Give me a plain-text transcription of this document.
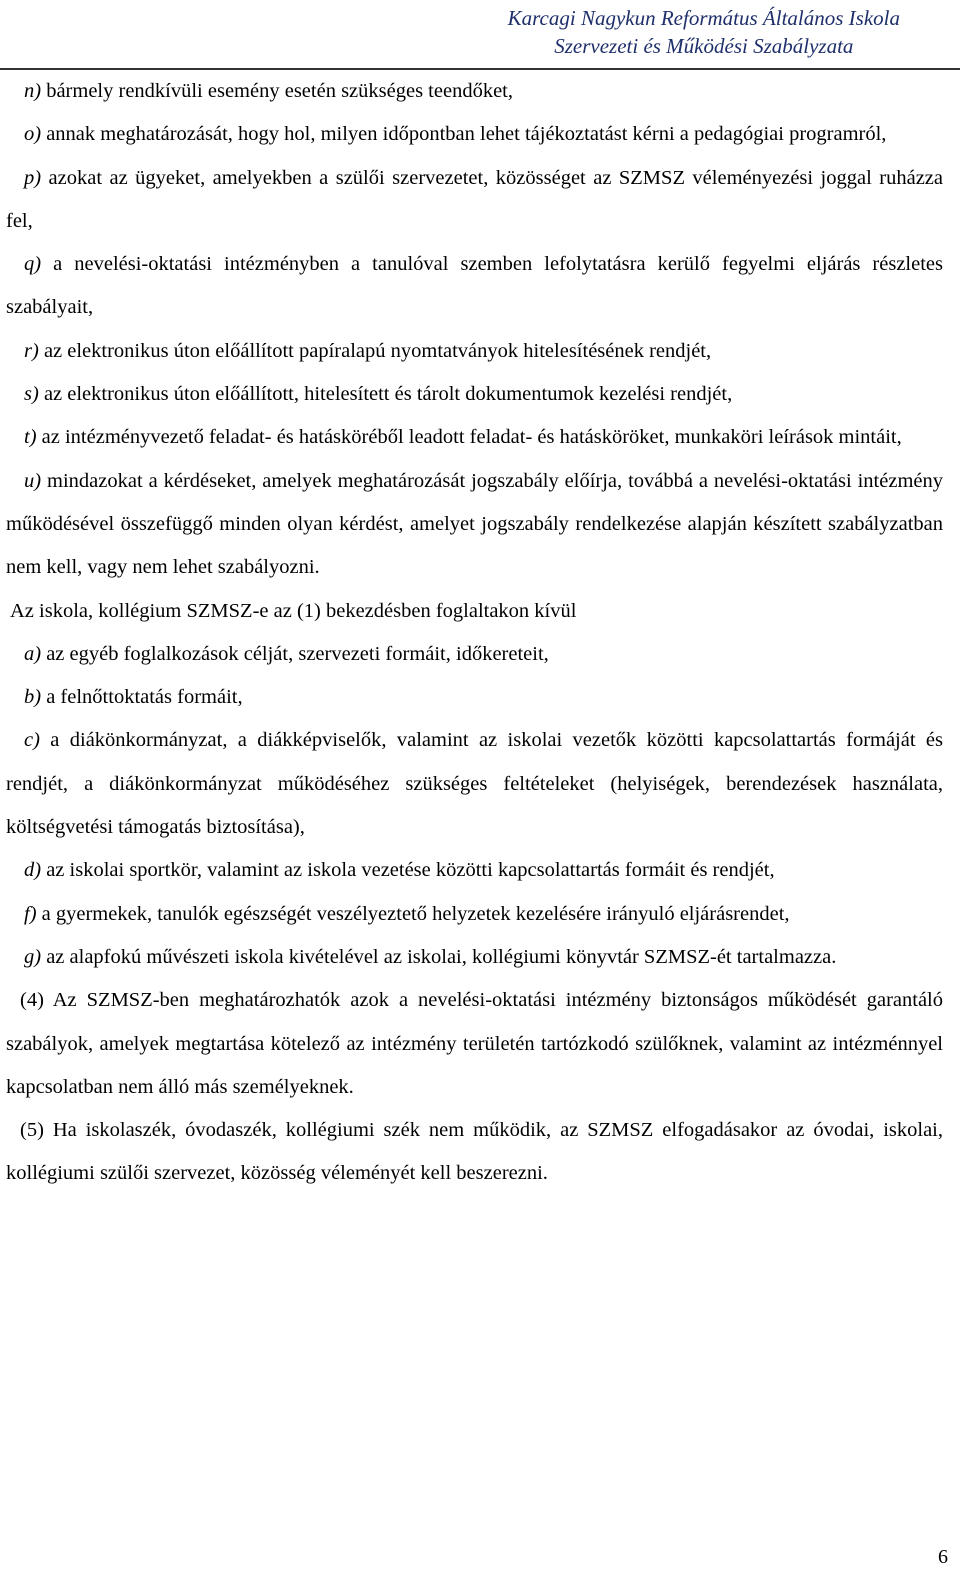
Karcagi Nagykun Református Általános Iskola
Szervezeti és Működési Szabályzata

n) bármely rendkívüli esemény esetén szükséges teendőket,

o) annak meghatározását, hogy hol, milyen időpontban lehet tájékoztatást kérni a pedagógiai programról,

p) azokat az ügyeket, amelyekben a szülői szervezetet, közösséget az SZMSZ véleményezési joggal ruházza fel,

q) a nevelési-oktatási intézményben a tanulóval szemben lefolytatásra kerülő fegyelmi eljárás részletes szabályait,

r) az elektronikus úton előállított papíralapú nyomtatványok hitelesítésének rendjét,

s) az elektronikus úton előállított, hitelesített és tárolt dokumentumok kezelési rendjét,

t) az intézményvezető feladat- és hatásköréből leadott feladat- és hatásköröket, munkaköri leírások mintáit,

u) mindazokat a kérdéseket, amelyek meghatározását jogszabály előírja, továbbá a nevelési-oktatási intézmény működésével összefüggő minden olyan kérdést, amelyet jogszabály rendelkezése alapján készített szabályzatban nem kell, vagy nem lehet szabályozni.

Az iskola, kollégium SZMSZ-e az (1) bekezdésben foglaltakon kívül

a) az egyéb foglalkozások célját, szervezeti formáit, időkereteit,

b) a felnőttoktatás formáit,

c) a diákönkormányzat, a diákképviselők, valamint az iskolai vezetők közötti kapcsolattartás formáját és rendjét, a diákönkormányzat működéséhez szükséges feltételeket (helyiségek, berendezések használata, költségvetési támogatás biztosítása),

d) az iskolai sportkör, valamint az iskola vezetése közötti kapcsolattartás formáit és rendjét,

f) a gyermekek, tanulók egészségét veszélyeztető helyzetek kezelésére irányuló eljárásrendet,

g) az alapfokú művészeti iskola kivételével az iskolai, kollégiumi könyvtár SZMSZ-ét tartalmazza.

(4) Az SZMSZ-ben meghatározhatók azok a nevelési-oktatási intézmény biztonságos működését garantáló szabályok, amelyek megtartása kötelező az intézmény területén tartózkodó szülőknek, valamint az intézménnyel kapcsolatban nem álló más személyeknek.

(5) Ha iskolaszék, óvodaszék, kollégiumi szék nem működik, az SZMSZ elfogadásakor az óvodai, iskolai, kollégiumi szülői szervezet, közösség véleményét kell beszerezni.

6
